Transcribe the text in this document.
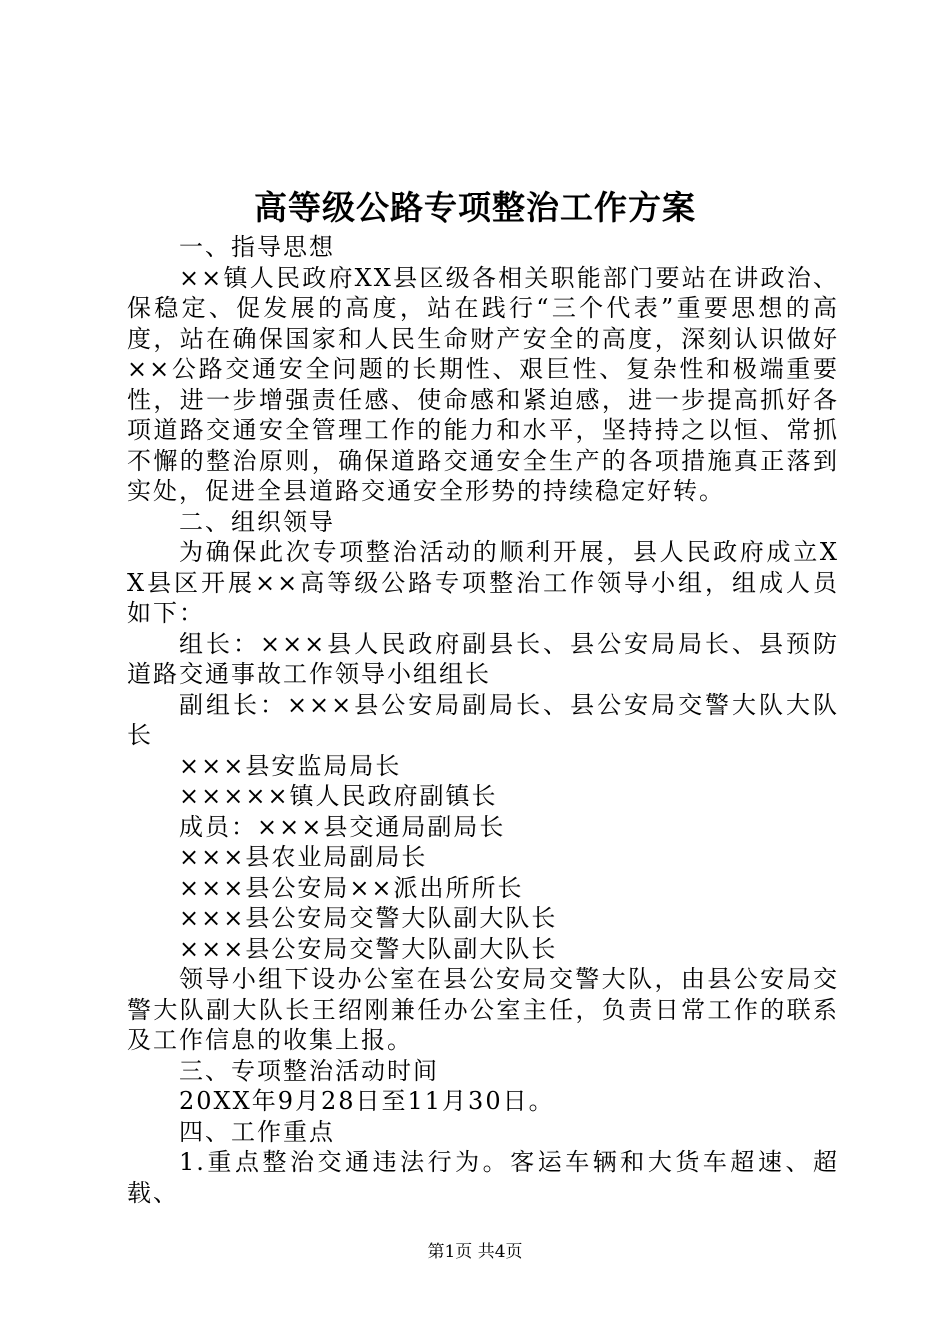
高等级公路专项整治工作方案

一、指导思想

××镇人民政府XX县区级各相关职能部门要站在讲政治、保稳定、促发展的高度，站在践行“三个代表”重要思想的高度，站在确保国家和人民生命财产安全的高度，深刻认识做好××公路交通安全问题的长期性、艰巨性、复杂性和极端重要性，进一步增强责任感、使命感和紧迫感，进一步提高抓好各项道路交通安全管理工作的能力和水平，坚持持之以恒、常抓不懈的整治原则，确保道路交通安全生产的各项措施真正落到实处，促进全县道路交通安全形势的持续稳定好转。

二、组织领导

为确保此次专项整治活动的顺利开展，县人民政府成立XX县区开展××高等级公路专项整治工作领导小组，组成人员如下：

组长：×××县人民政府副县长、县公安局局长、县预防道路交通事故工作领导小组组长

副组长：×××县公安局副局长、县公安局交警大队大队长

×××县安监局局长

×××××镇人民政府副镇长

成员：×××县交通局副局长

×××县农业局副局长

×××县公安局××派出所所长

×××县公安局交警大队副大队长

×××县公安局交警大队副大队长

领导小组下设办公室在县公安局交警大队，由县公安局交警大队副大队长王绍刚兼任办公室主任，负责日常工作的联系及工作信息的收集上报。

三、专项整治活动时间

20XX年9月28日至11月30日。

四、工作重点

1.重点整治交通违法行为。客运车辆和大货车超速、超载、

第1页 共4页
